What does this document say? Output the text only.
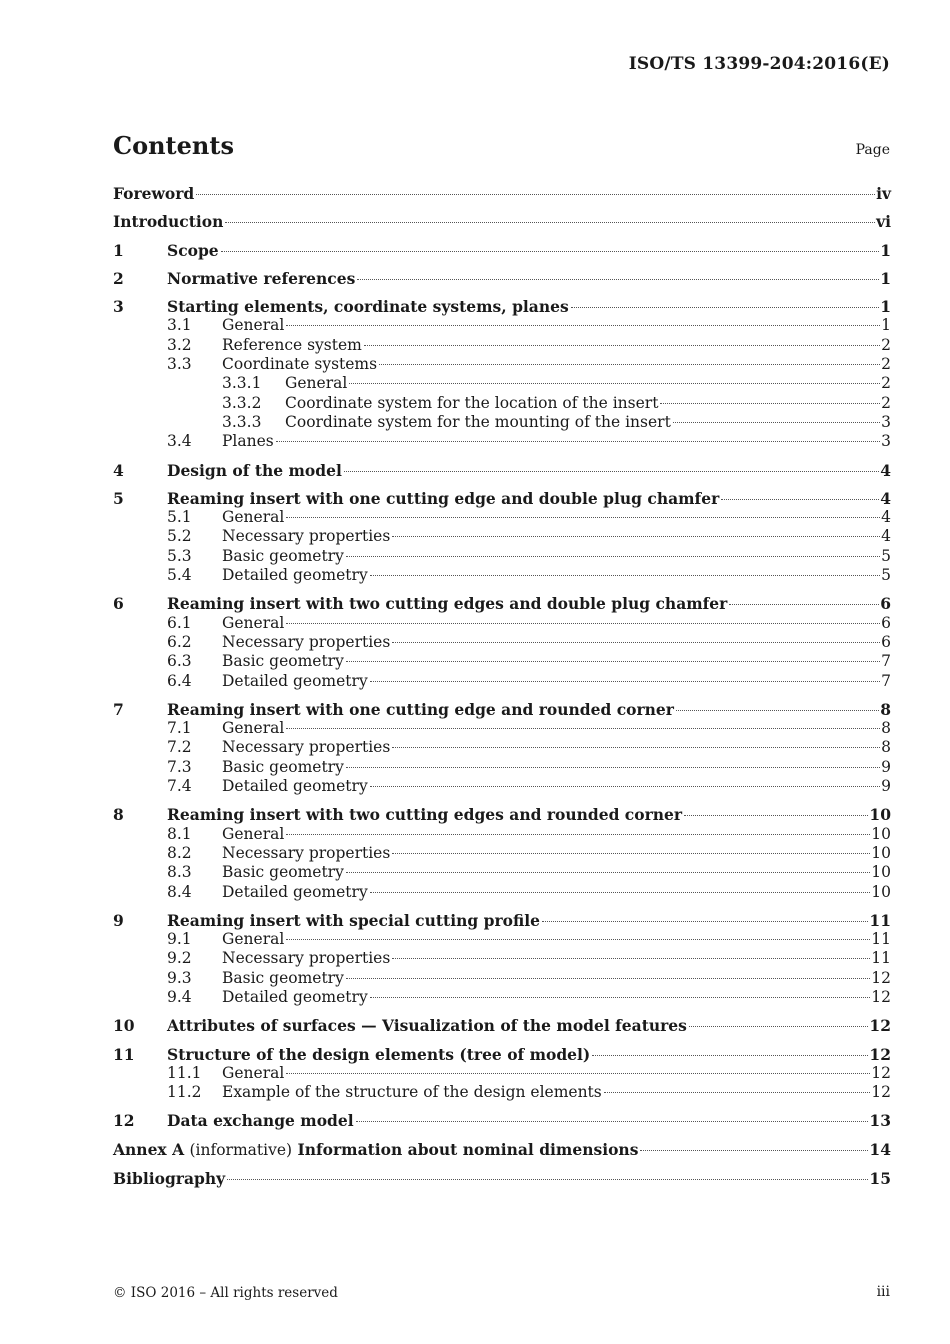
ISO/TS 13399-204:2016(E)
Contents	Page
Foreword	iv
Introduction	vi
1	Scope	1
2	Normative references	1
3	Starting elements, coordinate systems, planes	1
3.1	General	1
3.2	Reference system	2
3.3	Coordinate systems	2
3.3.1	General	2
3.3.2	Coordinate system for the location of the insert	2
3.3.3	Coordinate system for the mounting of the insert	3
3.4	Planes	3
4	Design of the model	4
5	Reaming insert with one cutting edge and double plug chamfer	4
5.1	General	4
5.2	Necessary properties	4
5.3	Basic geometry	5
5.4	Detailed geometry	5
6	Reaming insert with two cutting edges and double plug chamfer	6
6.1	General	6
6.2	Necessary properties	6
6.3	Basic geometry	7
6.4	Detailed geometry	7
7	Reaming insert with one cutting edge and rounded corner	8
7.1	General	8
7.2	Necessary properties	8
7.3	Basic geometry	9
7.4	Detailed geometry	9
8	Reaming insert with two cutting edges and rounded corner	10
8.1	General	10
8.2	Necessary properties	10
8.3	Basic geometry	10
8.4	Detailed geometry	10
9	Reaming insert with special cutting profile	11
9.1	General	11
9.2	Necessary properties	11
9.3	Basic geometry	12
9.4	Detailed geometry	12
10	Attributes of surfaces — Visualization of the model features	12
11	Structure of the design elements (tree of model)	12
11.1	General	12
11.2	Example of the structure of the design elements	12
12	Data exchange model	13
Annex A (informative) Information about nominal dimensions	14
Bibliography	15
© ISO 2016 – All rights reserved	iii
